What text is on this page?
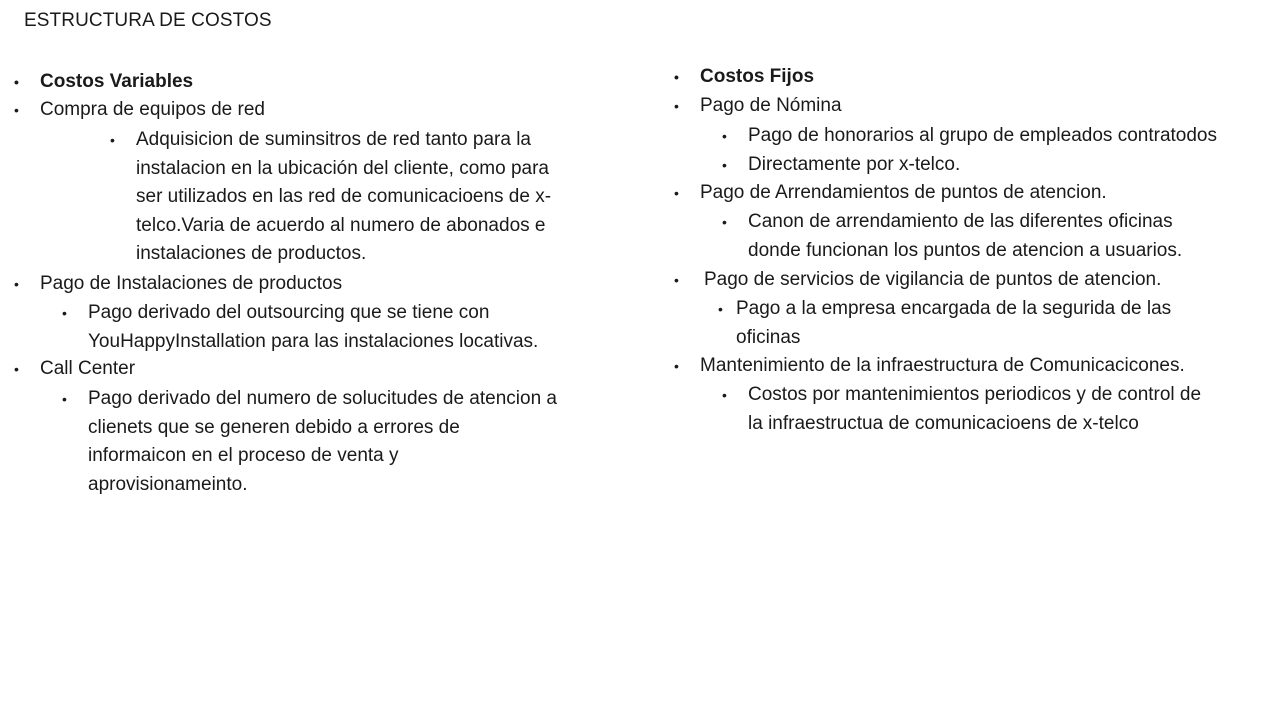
ESTRUCTURA DE COSTOS
• Costos Variables
• Compra de equipos de red
• Adquisicion de suminsitros de red tanto para la
instalacion en la ubicación del cliente, como para
ser utilizados en las red de comunicacioens de x-
telco.Varia de acuerdo al numero de abonados e
instalaciones de productos.
• Pago de Instalaciones de productos
• Pago derivado del outsourcing que se tiene con
YouHappyInstallation para las instalaciones locativas.
• Call Center
• Pago derivado del numero de solucitudes de atencion a
clienets que se generen debido a errores de
informaicon en el proceso de venta y
aprovisionameinto.
• Costos Fijos
• Pago de Nómina
• Pago de honorarios al grupo de empleados contratodos
• Directamente por x-telco.
• Pago de Arrendamientos de puntos de atencion.
• Canon de arrendamiento de las diferentes oficinas
donde funcionan los puntos de atencion a usuarios.
• Pago de servicios de vigilancia de puntos de atencion.
• Pago a la empresa encargada de la segurida de las
oficinas
• Mantenimiento de la infraestructura de Comunicacicones.
• Costos por mantenimientos periodicos y de control de
la infraestructua de comunicacioens de x-telco
